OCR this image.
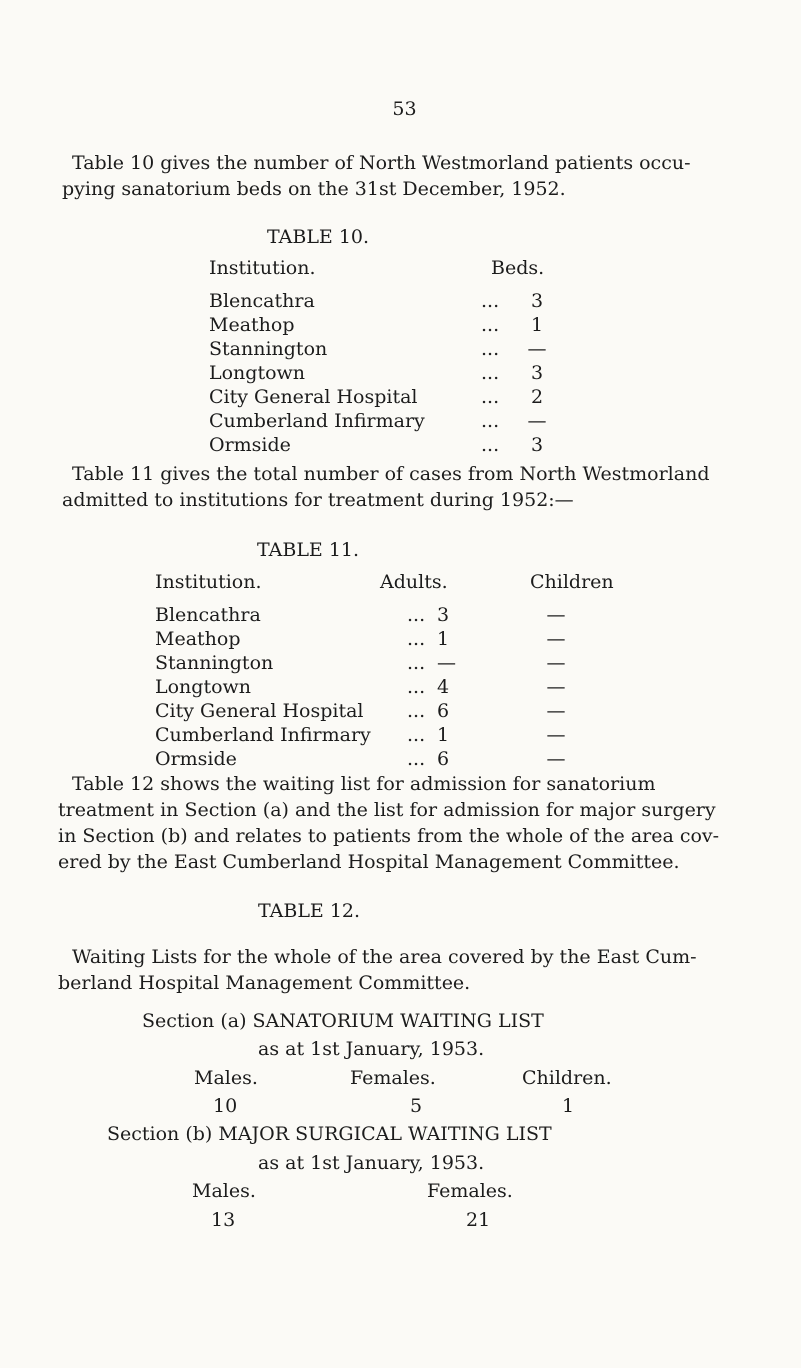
53
Table 10 gives the number of North Westmorland patients occu-
pying sanatorium beds on the 31st December, 1952.
TABLE 10.
Institution.	Beds.
Blencathra	...	3
Meathop	...	1
Stannington	...	—
Longtown	...	3
City General Hospital	...	2
Cumberland Infirmary	...	—
Ormside	...	3
Table 11 gives the total number of cases from North Westmorland
admitted to institutions for treatment during 1952:—
TABLE 11.
Institution.	Adults.	Children
Blencathra	... 3	—
Meathop	... 1	—
Stannington	... —	—
Longtown	... 4	—
City General Hospital	... 6	—
Cumberland Infirmary	... 1	—
Ormside	... 6	—
Table 12 shows the waiting list for admission for sanatorium
treatment in Section (a) and the list for admission for major surgery
in Section (b) and relates to patients from the whole of the area cov-
ered by the East Cumberland Hospital Management Committee.
TABLE 12.
Waiting Lists for the whole of the area covered by the East Cum-
berland Hospital Management Committee.
Section (a) SANATORIUM WAITING LIST
as at 1st January, 1953.
Males.	Females.	Children.
10	5	1
Section (b) MAJOR SURGICAL WAITING LIST
as at 1st January, 1953.
Males.	Females.
13	21
